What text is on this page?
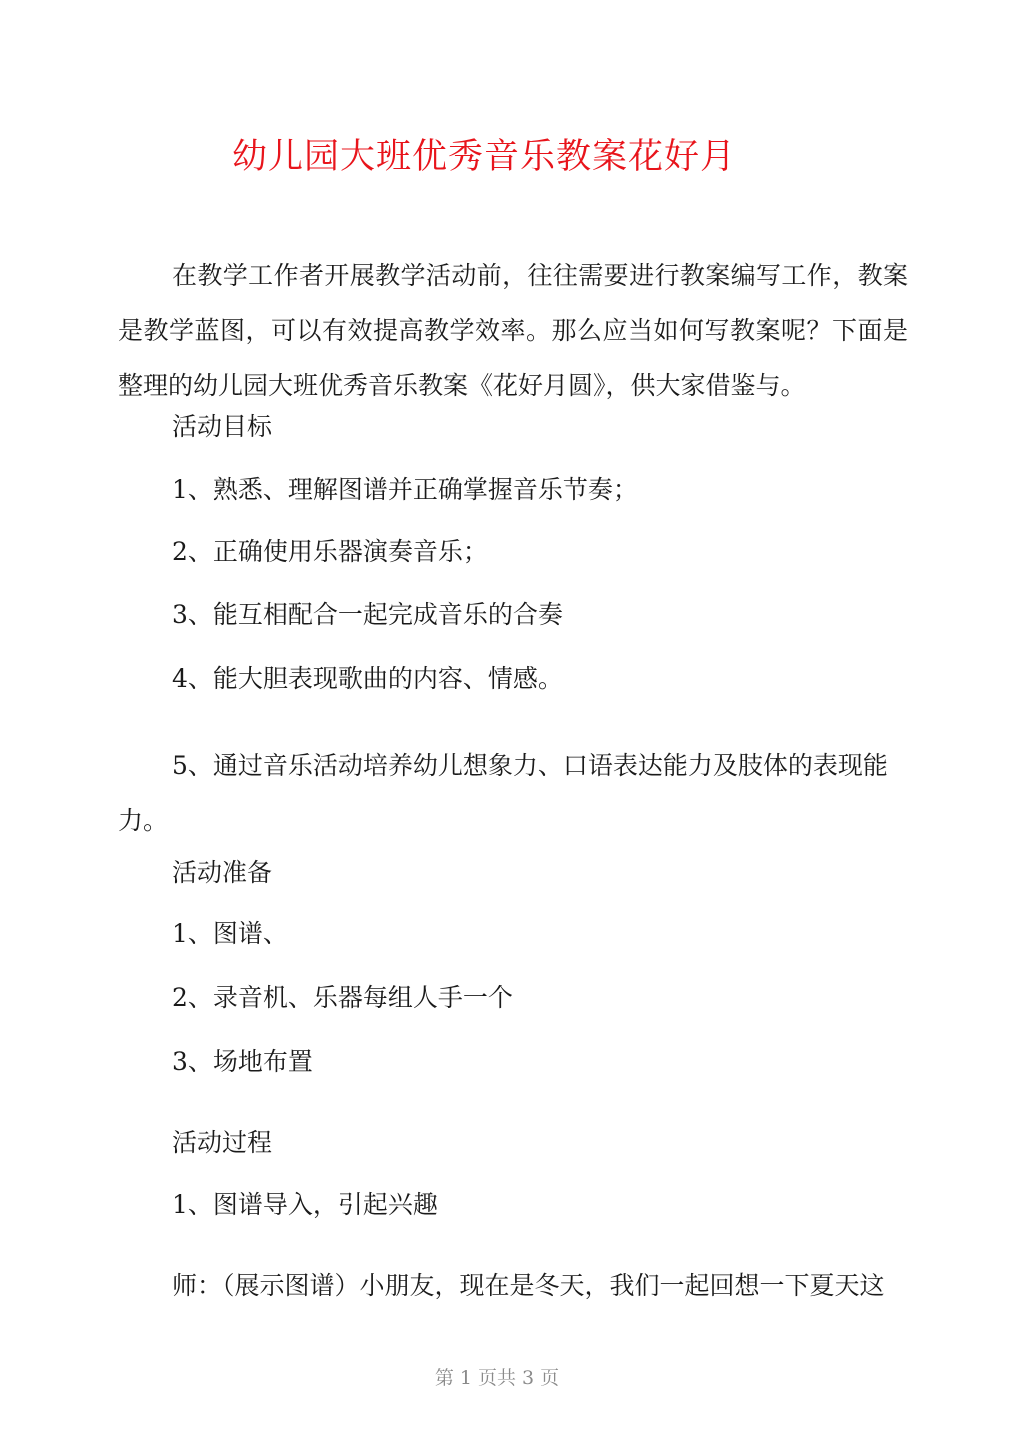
幼儿园大班优秀音乐教案花好月
在教学工作者开展教学活动前，往往需要进行教案编写工作，教案是教学蓝图，可以有效提高教学效率。那么应当如何写教案呢？下面是整理的幼儿园大班优秀音乐教案《花好月圆》，供大家借鉴与。
活动目标
1、熟悉、理解图谱并正确掌握音乐节奏；
2、正确使用乐器演奏音乐；
3、能互相配合一起完成音乐的合奏
4、能大胆表现歌曲的内容、情感。
5、通过音乐活动培养幼儿想象力、口语表达能力及肢体的表现能力。
活动准备
1、图谱、
2、录音机、乐器每组人手一个
3、场地布置
活动过程
1、图谱导入，引起兴趣
师：（展示图谱）小朋友，现在是冬天，我们一起回想一下夏天这
第 1 页共 3 页
